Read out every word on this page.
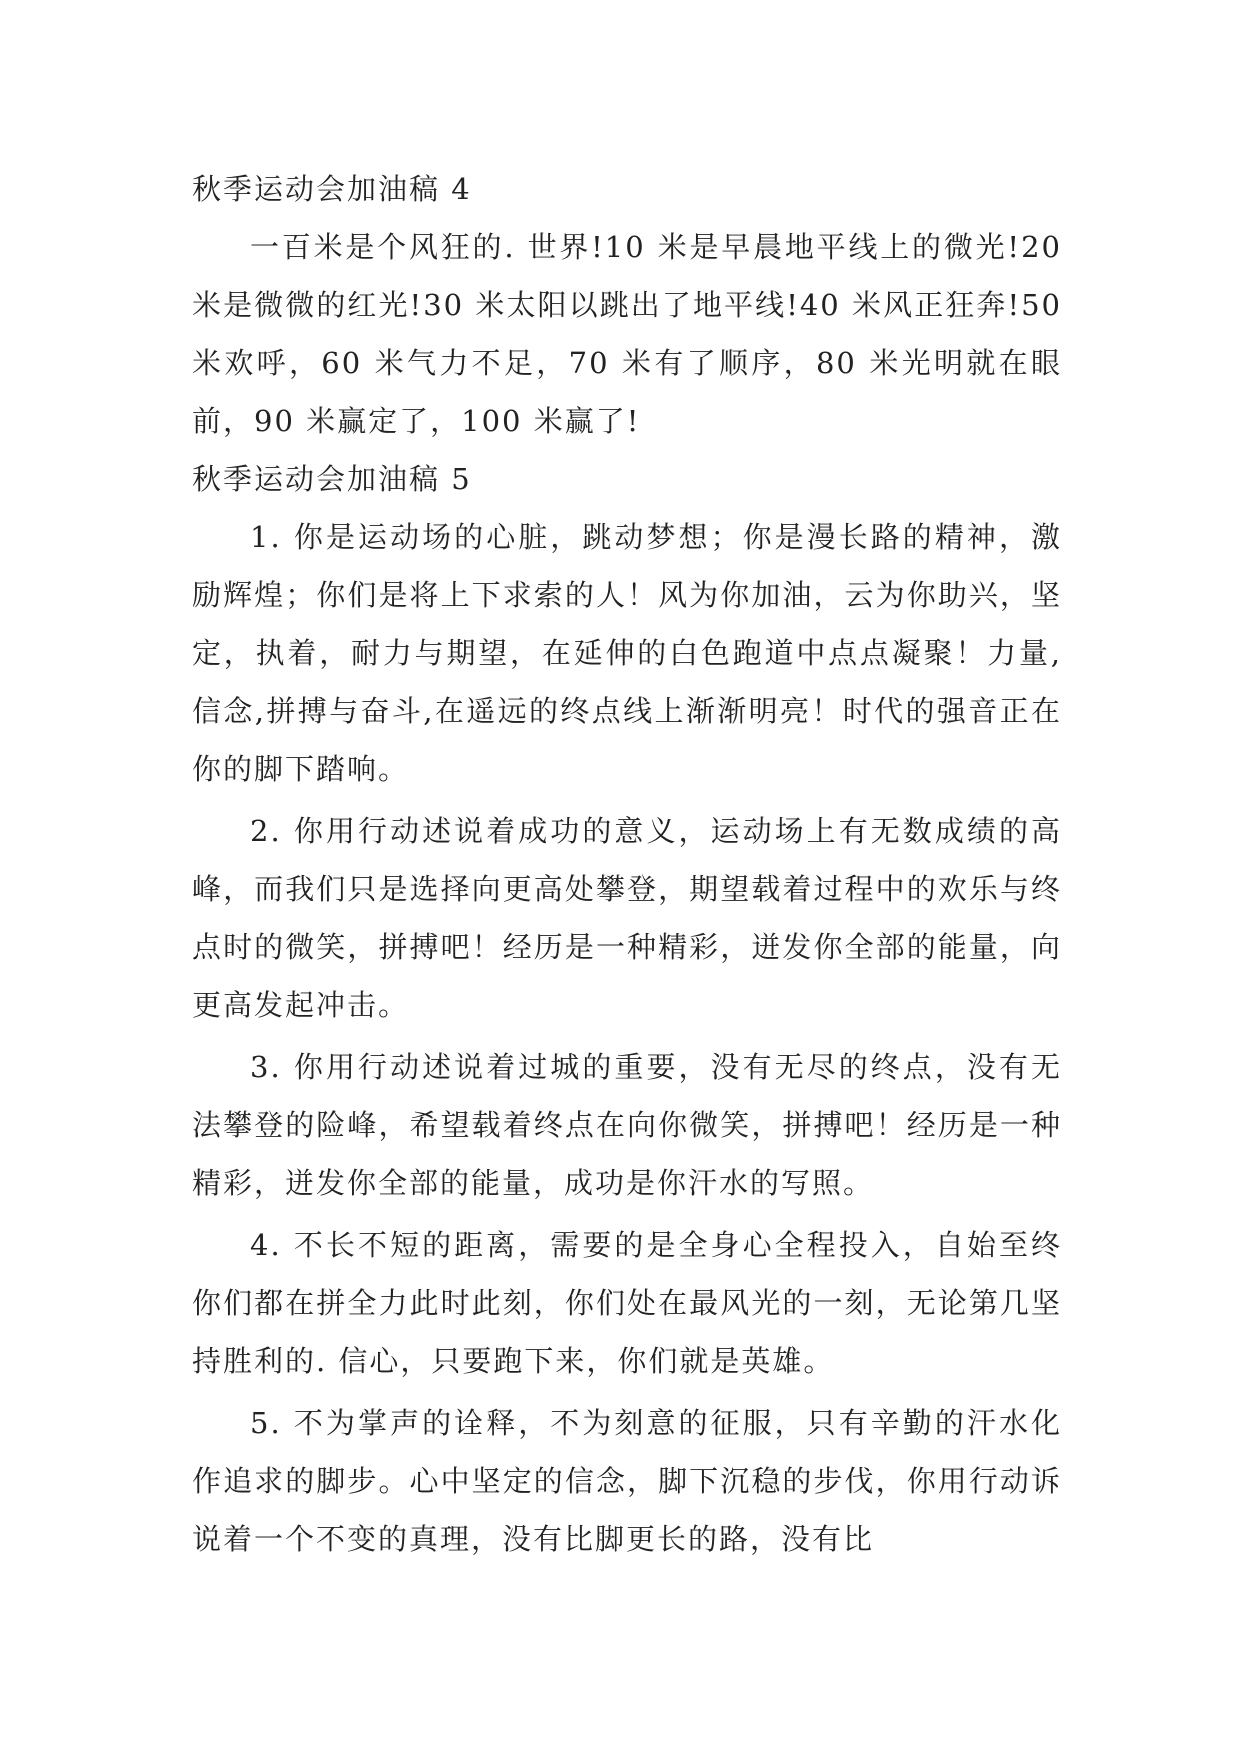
秋季运动会加油稿 4

一百米是个风狂的. 世界!10 米是早晨地平线上的微光!20 米是微微的红光!30 米太阳以跳出了地平线!40 米风正狂奔!50 米欢呼，60 米气力不足，70 米有了顺序，80 米光明就在眼前，90 米赢定了，100 米赢了!

秋季运动会加油稿 5

1. 你是运动场的心脏，跳动梦想；你是漫长路的精神，激励辉煌；你们是将上下求索的人！风为你加油，云为你助兴，坚定，执着，耐力与期望，在延伸的白色跑道中点点凝聚！力量,信念,拼搏与奋斗,在遥远的终点线上渐渐明亮！时代的强音正在你的脚下踏响。

2. 你用行动述说着成功的意义，运动场上有无数成绩的高峰，而我们只是选择向更高处攀登，期望载着过程中的欢乐与终点时的微笑，拼搏吧！经历是一种精彩，迸发你全部的能量，向更高发起冲击。

3. 你用行动述说着过城的重要，没有无尽的终点，没有无法攀登的险峰，希望载着终点在向你微笑，拼搏吧！经历是一种精彩，迸发你全部的能量，成功是你汗水的写照。

4. 不长不短的距离，需要的是全身心全程投入，自始至终你们都在拼全力此时此刻，你们处在最风光的一刻，无论第几坚持胜利的. 信心，只要跑下来，你们就是英雄。

5. 不为掌声的诠释，不为刻意的征服，只有辛勤的汗水化作追求的脚步。心中坚定的信念，脚下沉稳的步伐，你用行动诉说着一个不变的真理，没有比脚更长的路，没有比
